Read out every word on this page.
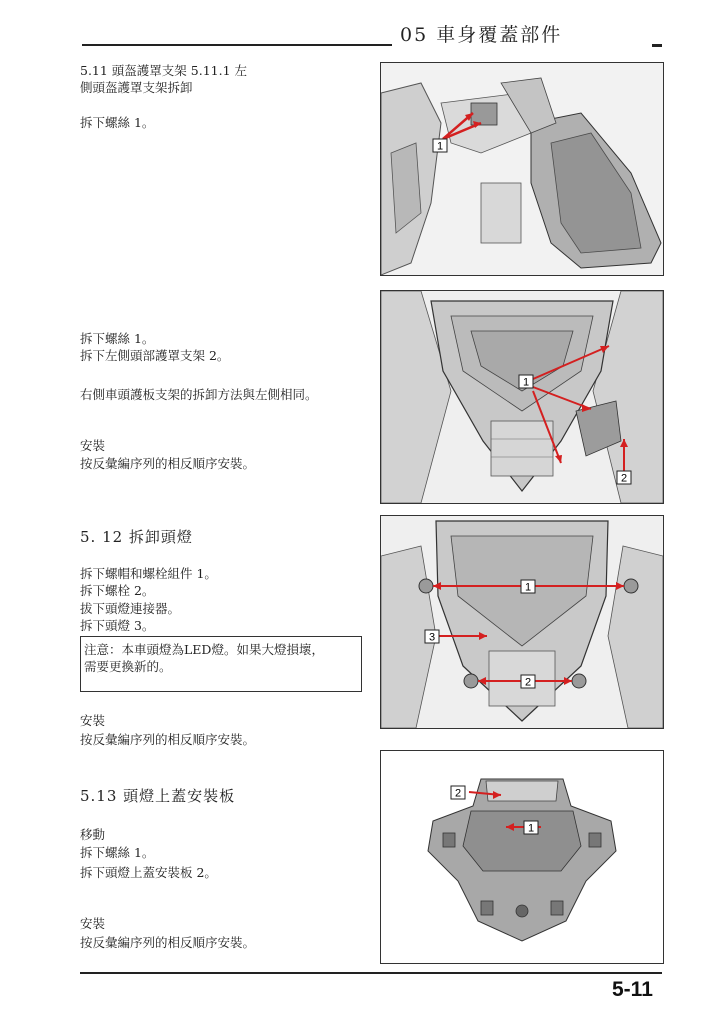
05 車身覆蓋部件
5.11 頭盔護罩支架 5.11.1 左
側頭盔護罩支架拆卸
拆下螺絲 1。
拆下螺絲 1。
拆下左側頭部護罩支架 2。
右側車頭護板支架的拆卸方法與左側相同。
安裝
按反彙編序列的相反順序安裝。
5. 12 拆卸頭燈
拆下螺帽和螺栓組件 1。
拆下螺栓 2。
拔下頭燈連接器。
拆下頭燈 3。
注意：本車頭燈為LED燈。如果大燈損壞，
需要更換新的。
安裝
按反彙編序列的相反順序安裝。
5.13 頭燈上蓋安裝板
移動
拆下螺絲 1。
拆下頭燈上蓋安裝板 2。
安裝
按反彙編序列的相反順序安裝。
1
1
2
1
2
3
2
1
5-11
